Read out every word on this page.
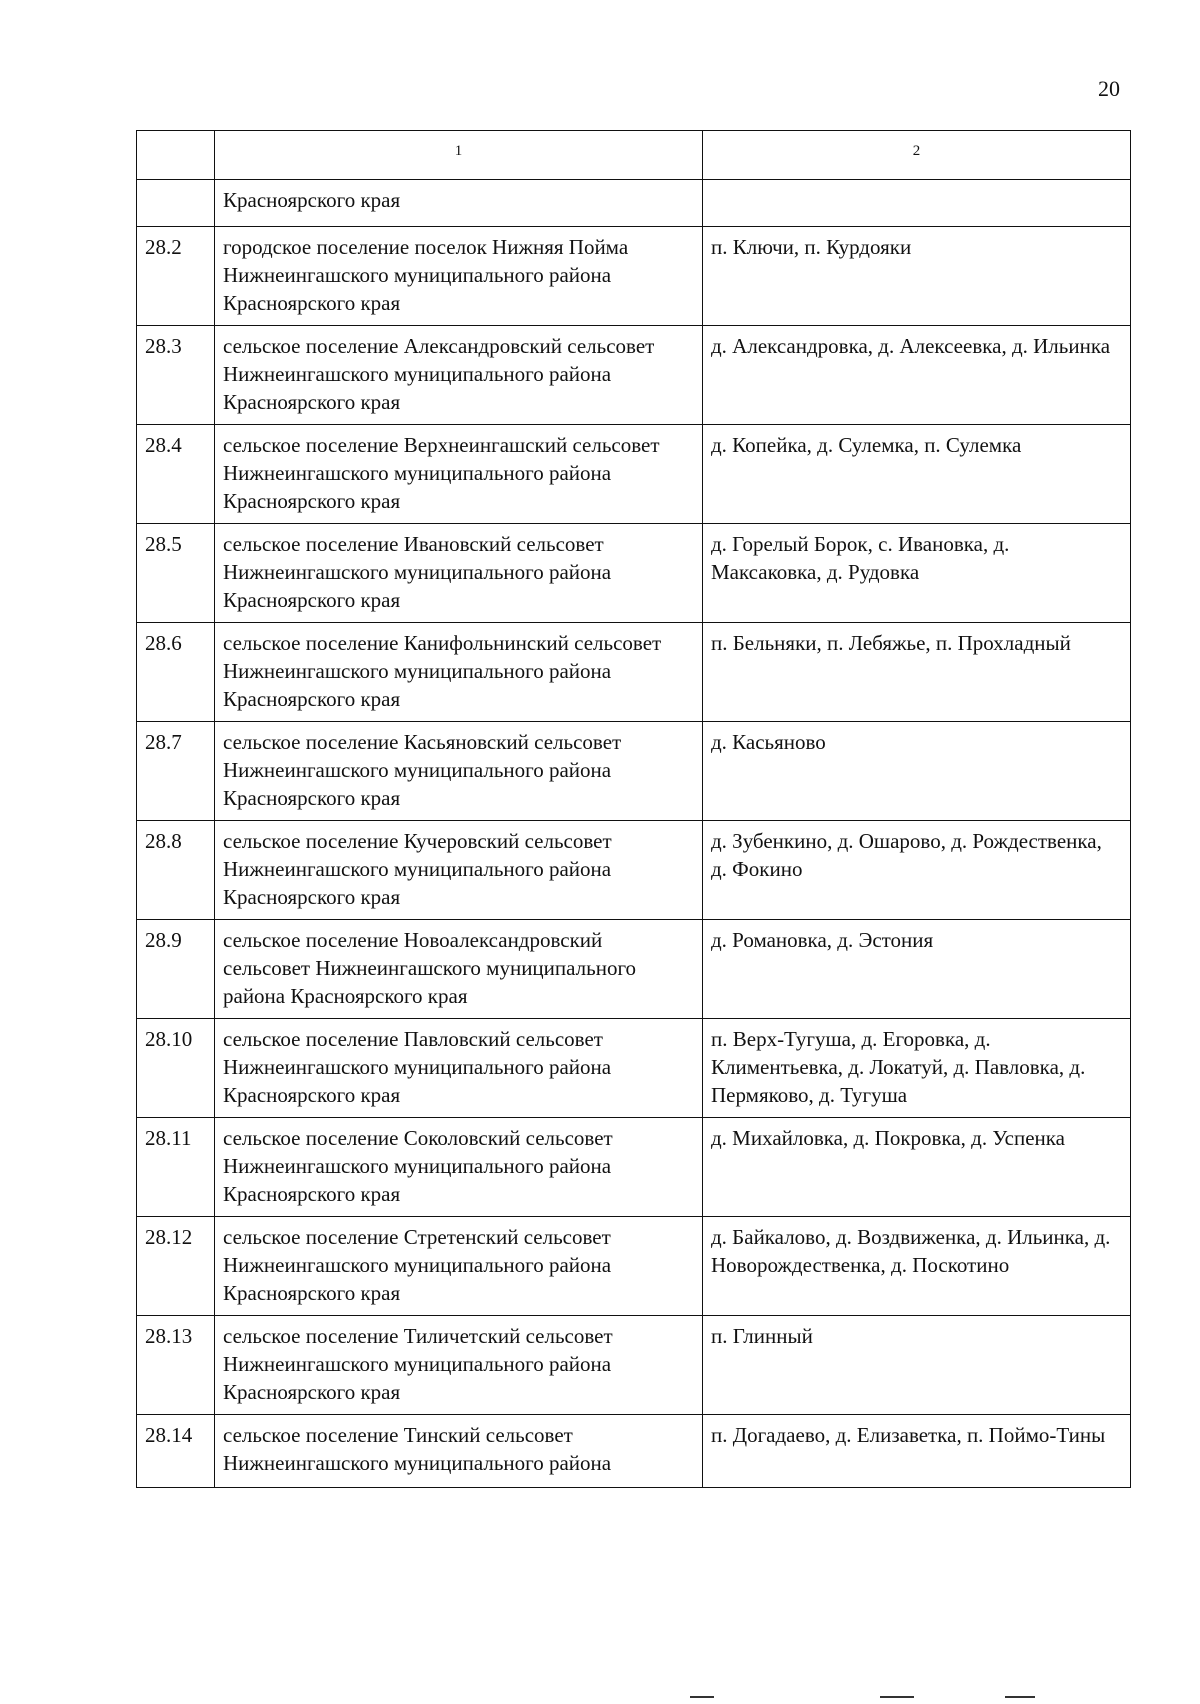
20
	1	2
	Красноярского края	
28.2	городское поселение поселок Нижняя Пойма Нижнеингашского муниципального района Красноярского края	п. Ключи, п. Курдояки
28.3	сельское поселение Александровский сельсовет Нижнеингашского муниципального района Красноярского края	д. Александровка, д. Алексеевка, д. Ильинка
28.4	сельское поселение Верхнеингашский сельсовет Нижнеингашского муниципального района Красноярского края	д. Копейка, д. Сулемка, п. Сулемка
28.5	сельское поселение Ивановский сельсовет Нижнеингашского муниципального района Красноярского края	д. Горелый Борок, с. Ивановка, д. Максаковка, д. Рудовка
28.6	сельское поселение Канифольнинский сельсовет Нижнеингашского муниципального района Красноярского края	п. Бельняки, п. Лебяжье, п. Прохладный
28.7	сельское поселение Касьяновский сельсовет Нижнеингашского муниципального района Красноярского края	д. Касьяново
28.8	сельское поселение Кучеровский сельсовет Нижнеингашского муниципального района Красноярского края	д. Зубенкино, д. Ошарово, д. Рождественка, д. Фокино
28.9	сельское поселение Новоалександровский сельсовет Нижнеингашского муниципального района Красноярского края	д. Романовка, д. Эстония
28.10	сельское поселение Павловский сельсовет Нижнеингашского муниципального района Красноярского края	п. Верх-Тугуша, д. Егоровка, д. Климентьевка, д. Локатуй, д. Павловка, д. Пермяково, д. Тугуша
28.11	сельское поселение Соколовский сельсовет Нижнеингашского муниципального района Красноярского края	д. Михайловка, д. Покровка, д. Успенка
28.12	сельское поселение Стретенский сельсовет Нижнеингашского муниципального района Красноярского края	д. Байкалово, д. Воздвиженка, д. Ильинка, д. Новорождественка, д. Поскотино
28.13	сельское поселение Тиличетский сельсовет Нижнеингашского муниципального района Красноярского края	п. Глинный
28.14	сельское поселение Тинский сельсовет Нижнеингашского муниципального района	п. Догадаево, д. Елизаветка, п. Поймо-Тины
